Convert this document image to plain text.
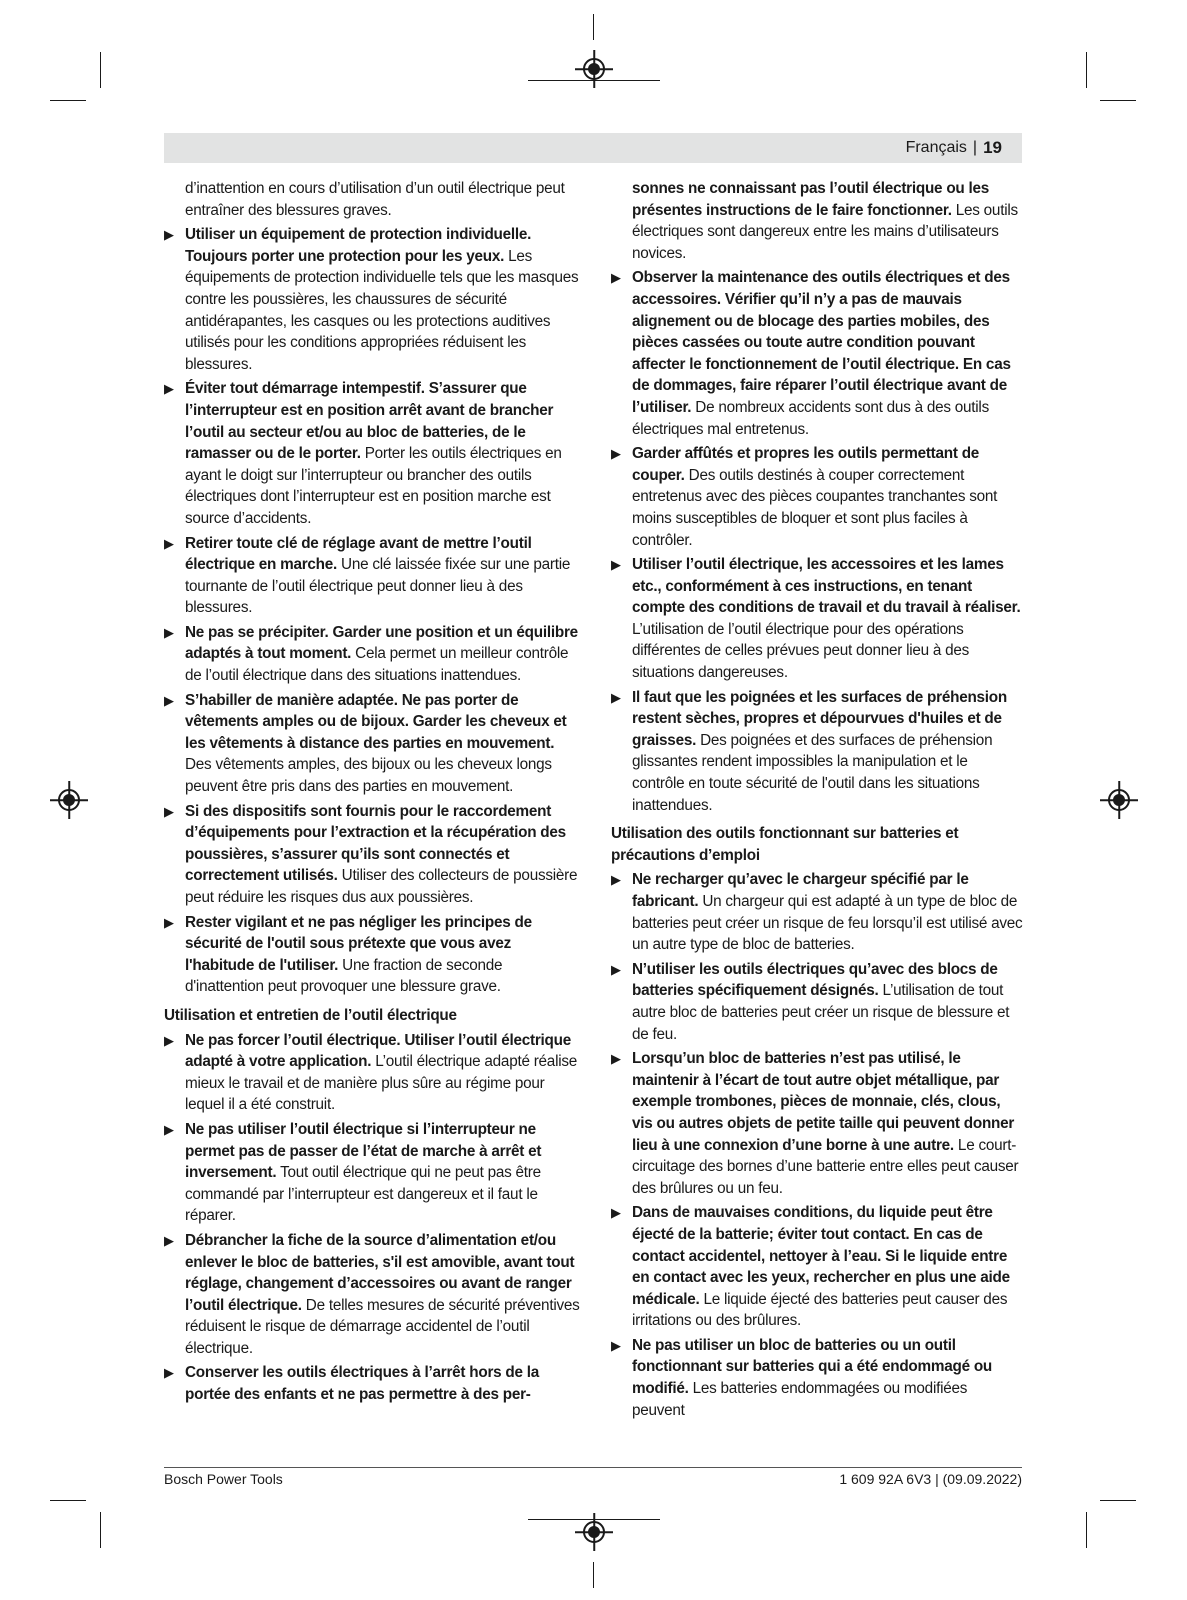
Français | 19
d’inattention en cours d’utilisation d’un outil électrique peut entraîner des blessures graves.
▶ Utiliser un équipement de protection individuelle. Toujours porter une protection pour les yeux. Les équipements de protection individuelle tels que les masques contre les poussières, les chaussures de sécurité antidérapantes, les casques ou les protections auditives utilisés pour les conditions appropriées réduisent les blessures.
▶ Éviter tout démarrage intempestif. S’assurer que l’interrupteur est en position arrêt avant de brancher l’outil au secteur et/ou au bloc de batteries, de le ramasser ou de le porter. Porter les outils électriques en ayant le doigt sur l’interrupteur ou brancher des outils électriques dont l’interrupteur est en position marche est source d’accidents.
▶ Retirer toute clé de réglage avant de mettre l’outil électrique en marche. Une clé laissée fixée sur une partie tournante de l’outil électrique peut donner lieu à des blessures.
▶ Ne pas se précipiter. Garder une position et un équilibre adaptés à tout moment. Cela permet un meilleur contrôle de l’outil électrique dans des situations inattendues.
▶ S’habiller de manière adaptée. Ne pas porter de vêtements amples ou de bijoux. Garder les cheveux et les vêtements à distance des parties en mouvement. Des vêtements amples, des bijoux ou les cheveux longs peuvent être pris dans des parties en mouvement.
▶ Si des dispositifs sont fournis pour le raccordement d’équipements pour l’extraction et la récupération des poussières, s’assurer qu’ils sont connectés et correctement utilisés. Utiliser des collecteurs de poussière peut réduire les risques dus aux poussières.
▶ Rester vigilant et ne pas négliger les principes de sécurité de l'outil sous prétexte que vous avez l'habitude de l'utiliser. Une fraction de seconde d'inattention peut provoquer une blessure grave.
Utilisation et entretien de l’outil électrique
▶ Ne pas forcer l’outil électrique. Utiliser l’outil électrique adapté à votre application. L’outil électrique adapté réalise mieux le travail et de manière plus sûre au régime pour lequel il a été construit.
▶ Ne pas utiliser l’outil électrique si l’interrupteur ne permet pas de passer de l’état de marche à arrêt et inversement. Tout outil électrique qui ne peut pas être commandé par l’interrupteur est dangereux et il faut le réparer.
▶ Débrancher la fiche de la source d’alimentation et/ou enlever le bloc de batteries, s'il est amovible, avant tout réglage, changement d’accessoires ou avant de ranger l’outil électrique. De telles mesures de sécurité préventives réduisent le risque de démarrage accidentel de l’outil électrique.
▶ Conserver les outils électriques à l’arrêt hors de la portée des enfants et ne pas permettre à des per-
sonnes ne connaissant pas l’outil électrique ou les présentes instructions de le faire fonctionner. Les outils électriques sont dangereux entre les mains d’utilisateurs novices.
▶ Observer la maintenance des outils électriques et des accessoires. Vérifier qu’il n’y a pas de mauvais alignement ou de blocage des parties mobiles, des pièces cassées ou toute autre condition pouvant affecter le fonctionnement de l’outil électrique. En cas de dommages, faire réparer l’outil électrique avant de l’utiliser. De nombreux accidents sont dus à des outils électriques mal entretenus.
▶ Garder affûtés et propres les outils permettant de couper. Des outils destinés à couper correctement entretenus avec des pièces coupantes tranchantes sont moins susceptibles de bloquer et sont plus faciles à contrôler.
▶ Utiliser l’outil électrique, les accessoires et les lames etc., conformément à ces instructions, en tenant compte des conditions de travail et du travail à réaliser. L’utilisation de l’outil électrique pour des opérations différentes de celles prévues peut donner lieu à des situations dangereuses.
▶ Il faut que les poignées et les surfaces de préhension restent sèches, propres et dépourvues d'huiles et de graisses. Des poignées et des surfaces de préhension glissantes rendent impossibles la manipulation et le contrôle en toute sécurité de l'outil dans les situations inattendues.
Utilisation des outils fonctionnant sur batteries et précautions d’emploi
▶ Ne recharger qu’avec le chargeur spécifié par le fabricant. Un chargeur qui est adapté à un type de bloc de batteries peut créer un risque de feu lorsqu’il est utilisé avec un autre type de bloc de batteries.
▶ N’utiliser les outils électriques qu’avec des blocs de batteries spécifiquement désignés. L’utilisation de tout autre bloc de batteries peut créer un risque de blessure et de feu.
▶ Lorsqu’un bloc de batteries n’est pas utilisé, le maintenir à l’écart de tout autre objet métallique, par exemple trombones, pièces de monnaie, clés, clous, vis ou autres objets de petite taille qui peuvent donner lieu à une connexion d’une borne à une autre. Le court-circuitage des bornes d’une batterie entre elles peut causer des brûlures ou un feu.
▶ Dans de mauvaises conditions, du liquide peut être éjecté de la batterie; éviter tout contact. En cas de contact accidentel, nettoyer à l’eau. Si le liquide entre en contact avec les yeux, rechercher en plus une aide médicale. Le liquide éjecté des batteries peut causer des irritations ou des brûlures.
▶ Ne pas utiliser un bloc de batteries ou un outil fonctionnant sur batteries qui a été endommagé ou modifié. Les batteries endommagées ou modifiées peuvent
Bosch Power Tools	1 609 92A 6V3 | (09.09.2022)
